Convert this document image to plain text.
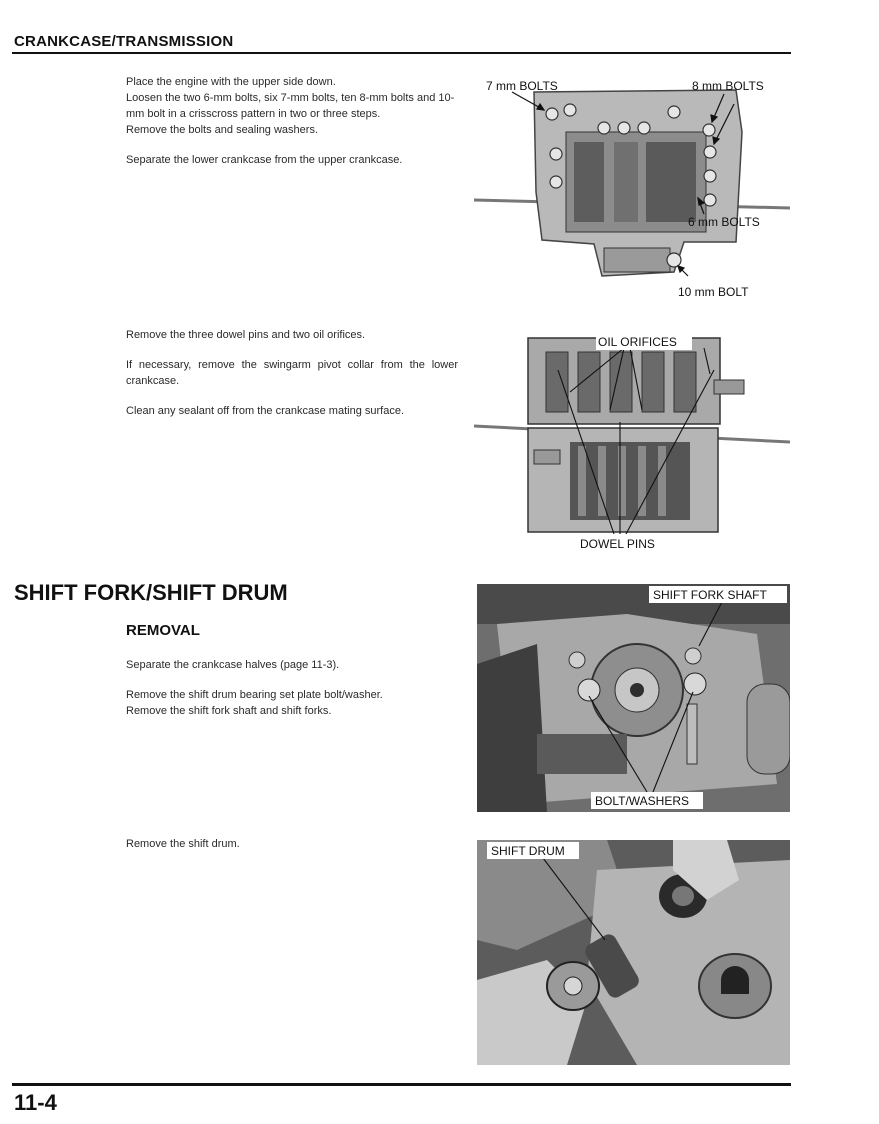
CRANKCASE/TRANSMISSION

Place the engine with the upper side down.
Loosen the two 6-mm bolts, six 7-mm bolts, ten 8-mm bolts and 10-mm bolt in a crisscross pattern in two or three steps.
Remove the bolts and sealing washers.

Separate the lower crankcase from the upper crankcase.

7 mm BOLTS	8 mm BOLTS
6 mm BOLTS
10 mm BOLT

Remove the three dowel pins and two oil orifices.

If necessary, remove the swingarm pivot collar from the lower crankcase.

Clean any sealant off from the crankcase mating surface.

OIL ORIFICES
DOWEL PINS
SHIFT FORK/SHIFT DRUM
REMOVAL

Separate the crankcase halves (page 11-3).

Remove the shift drum bearing set plate bolt/washer.
Remove the shift fork shaft and shift forks.

SHIFT FORK SHAFT
BOLT/WASHERS

Remove the shift drum.	SHIFT DRUM
11-4
